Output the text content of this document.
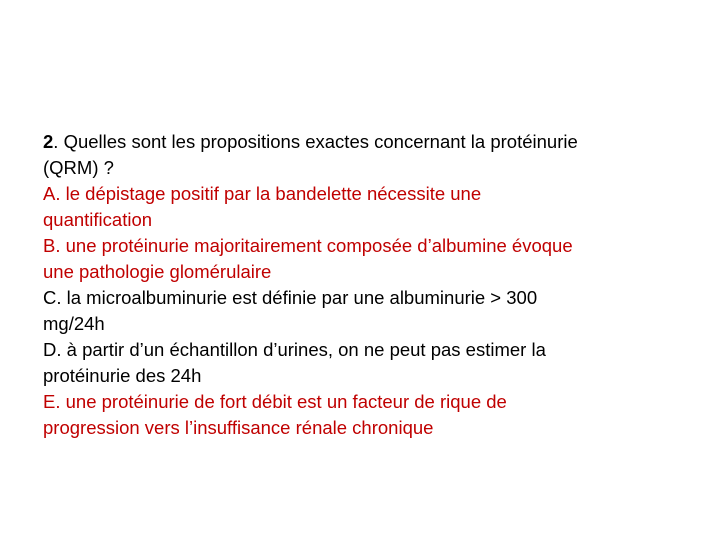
2. Quelles sont les propositions exactes concernant la protéinurie
(QRM) ?
A. le dépistage positif par la bandelette nécessite une
quantification
B. une protéinurie majoritairement composée d’albumine évoque
une pathologie glomérulaire
C. la microalbuminurie est définie par une albuminurie > 300
mg/24h
D. à partir d’un échantillon d’urines, on ne peut pas estimer la
protéinurie des 24h
E. une protéinurie de fort débit est un facteur de rique de
progression vers l’insuffisance rénale chronique
